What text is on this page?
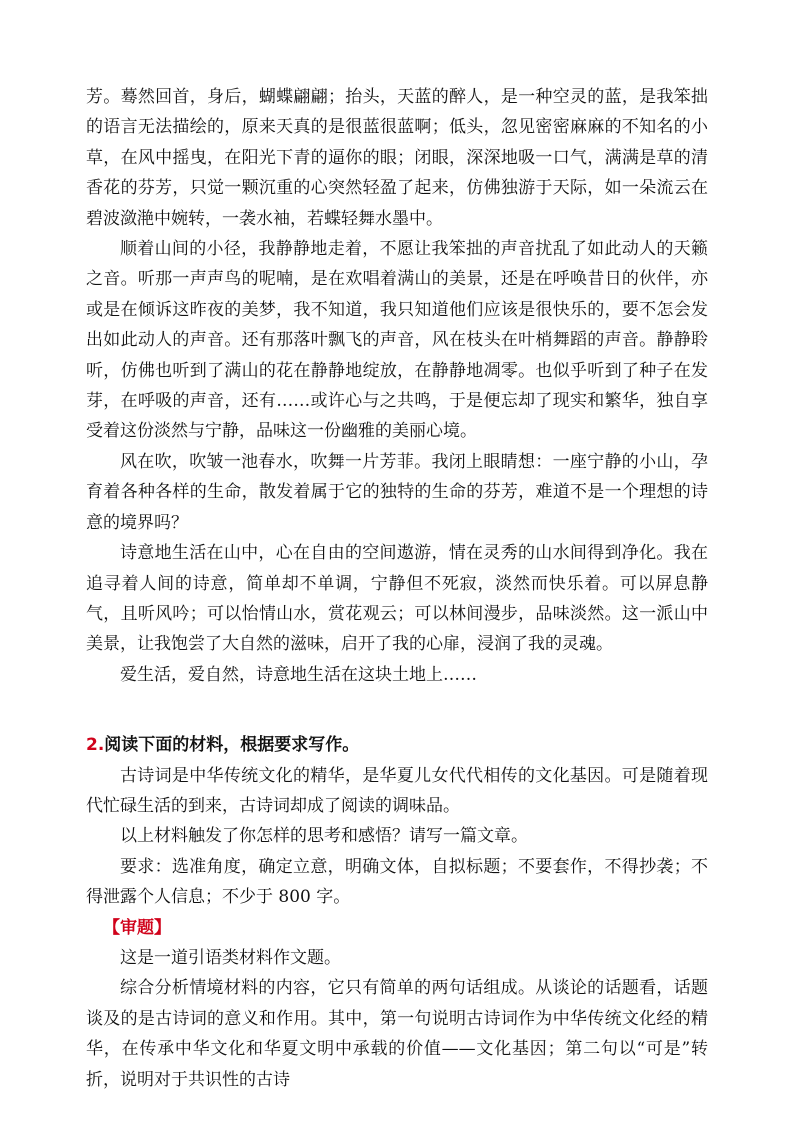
芳。蓦然回首，身后，蝴蝶翩翩；抬头，天蓝的醉人，是一种空灵的蓝，是我笨拙的语言无法描绘的，原来天真的是很蓝很蓝啊；低头，忽见密密麻麻的不知名的小草，在风中摇曳，在阳光下青的逼你的眼；闭眼，深深地吸一口气，满满是草的清香花的芬芳，只觉一颗沉重的心突然轻盈了起来，仿佛独游于天际，如一朵流云在碧波潋滟中婉转，一袭水袖，若蝶轻舞水墨中。

顺着山间的小径，我静静地走着，不愿让我笨拙的声音扰乱了如此动人的天籁之音。听那一声声鸟的呢喃，是在欢唱着满山的美景，还是在呼唤昔日的伙伴，亦或是在倾诉这昨夜的美梦，我不知道，我只知道他们应该是很快乐的，要不怎会发出如此动人的声音。还有那落叶飘飞的声音，风在枝头在叶梢舞蹈的声音。静静聆听，仿佛也听到了满山的花在静静地绽放，在静静地凋零。也似乎听到了种子在发芽，在呼吸的声音，还有……或许心与之共鸣，于是便忘却了现实和繁华，独自享受着这份淡然与宁静，品味这一份幽雅的美丽心境。

风在吹，吹皱一池春水，吹舞一片芳菲。我闭上眼睛想：一座宁静的小山，孕育着各种各样的生命，散发着属于它的独特的生命的芬芳，难道不是一个理想的诗意的境界吗？

诗意地生活在山中，心在自由的空间遨游，情在灵秀的山水间得到净化。我在追寻着人间的诗意，简单却不单调，宁静但不死寂，淡然而快乐着。可以屏息静气，且听风吟；可以怡情山水，赏花观云；可以林间漫步，品味淡然。这一派山中美景，让我饱尝了大自然的滋味，启开了我的心扉，浸润了我的灵魂。

爱生活，爱自然，诗意地生活在这块土地上……

2.阅读下面的材料，根据要求写作。

古诗词是中华传统文化的精华，是华夏儿女代代相传的文化基因。可是随着现代忙碌生活的到来，古诗词却成了阅读的调味品。

以上材料触发了你怎样的思考和感悟？请写一篇文章。

要求：选准角度，确定立意，明确文体，自拟标题；不要套作，不得抄袭；不得泄露个人信息；不少于 800 字。

【审题】

这是一道引语类材料作文题。

综合分析情境材料的内容，它只有简单的两句话组成。从谈论的话题看，话题谈及的是古诗词的意义和作用。其中，第一句说明古诗词作为中华传统文化经的精华，在传承中华文化和华夏文明中承载的价值——文化基因；第二句以“可是”转折，说明对于共识性的古诗
